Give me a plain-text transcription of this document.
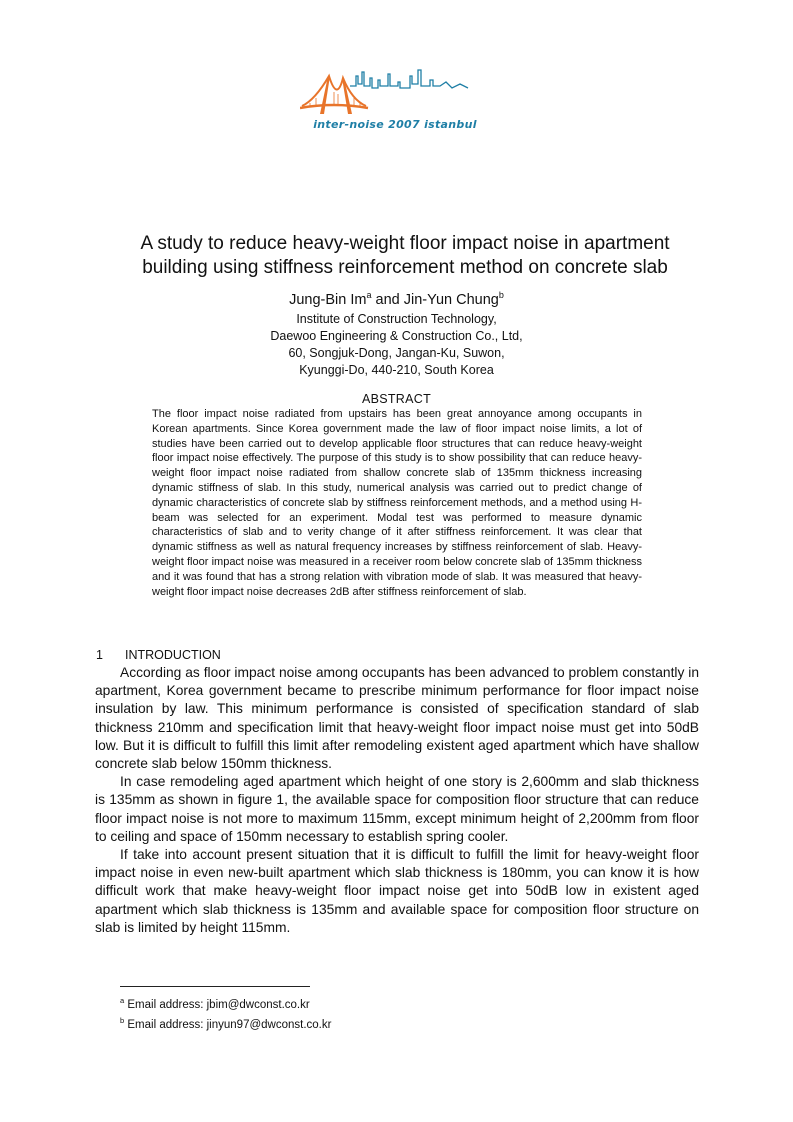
inter-noise 2007 istanbul
A study to reduce heavy-weight floor impact noise in apartment
building using stiffness reinforcement method on concrete slab
Jung-Bin Im$^a$ and Jin-Yun Chung$^b$
Institute of Construction Technology,
Daewoo Engineering & Construction Co., Ltd,
60, Songjuk-Dong, Jangan-Ku, Suwon,
Kyunggi-Do, 440-210, South Korea
ABSTRACT
The floor impact noise radiated from upstairs has been great annoyance among occupants in Korean apartments. Since Korea government made the law of floor impact noise limits, a lot of studies have been carried out to develop applicable floor structures that can reduce heavy-weight floor impact noise effectively. The purpose of this study is to show possibility that can reduce heavy-weight floor impact noise radiated from shallow concrete slab of 135mm thickness increasing dynamic stiffness of slab. In this study, numerical analysis was carried out to predict change of dynamic characteristics of concrete slab by stiffness reinforcement methods, and a method using H-beam was selected for an experiment. Modal test was performed to measure dynamic characteristics of slab and to verity change of it after stiffness reinforcement. It was clear that dynamic stiffness as well as natural frequency increases by stiffness reinforcement of slab. Heavy-weight floor impact noise was measured in a receiver room below concrete slab of 135mm thickness and it was found that has a strong relation with vibration mode of slab. It was measured that heavy-weight floor impact noise decreases 2dB after stiffness reinforcement of slab.
1 INTRODUCTION

According as floor impact noise among occupants has been advanced to problem constantly in apartment, Korea government became to prescribe minimum performance for floor impact noise insulation by law. This minimum performance is consisted of specification standard of slab thickness 210mm and specification limit that heavy-weight floor impact noise must get into 50dB low. But it is difficult to fulfill this limit after remodeling existent aged apartment which have shallow concrete slab below 150mm thickness.

In case remodeling aged apartment which height of one story is 2,600mm and slab thickness is 135mm as shown in figure 1, the available space for composition floor structure that can reduce floor impact noise is not more to maximum 115mm, except minimum height of 2,200mm from floor to ceiling and space of 150mm necessary to establish spring cooler.

If take into account present situation that it is difficult to fulfill the limit for heavy-weight floor impact noise in even new-built apartment which slab thickness is 180mm, you can know it is how difficult work that make heavy-weight floor impact noise get into 50dB low in existent aged apartment which slab thickness is 135mm and available space for composition floor structure on slab is limited by height 115mm.

$^a$ Email address: jbim@dwconst.co.kr
$^b$ Email address: jinyun97@dwconst.co.kr
